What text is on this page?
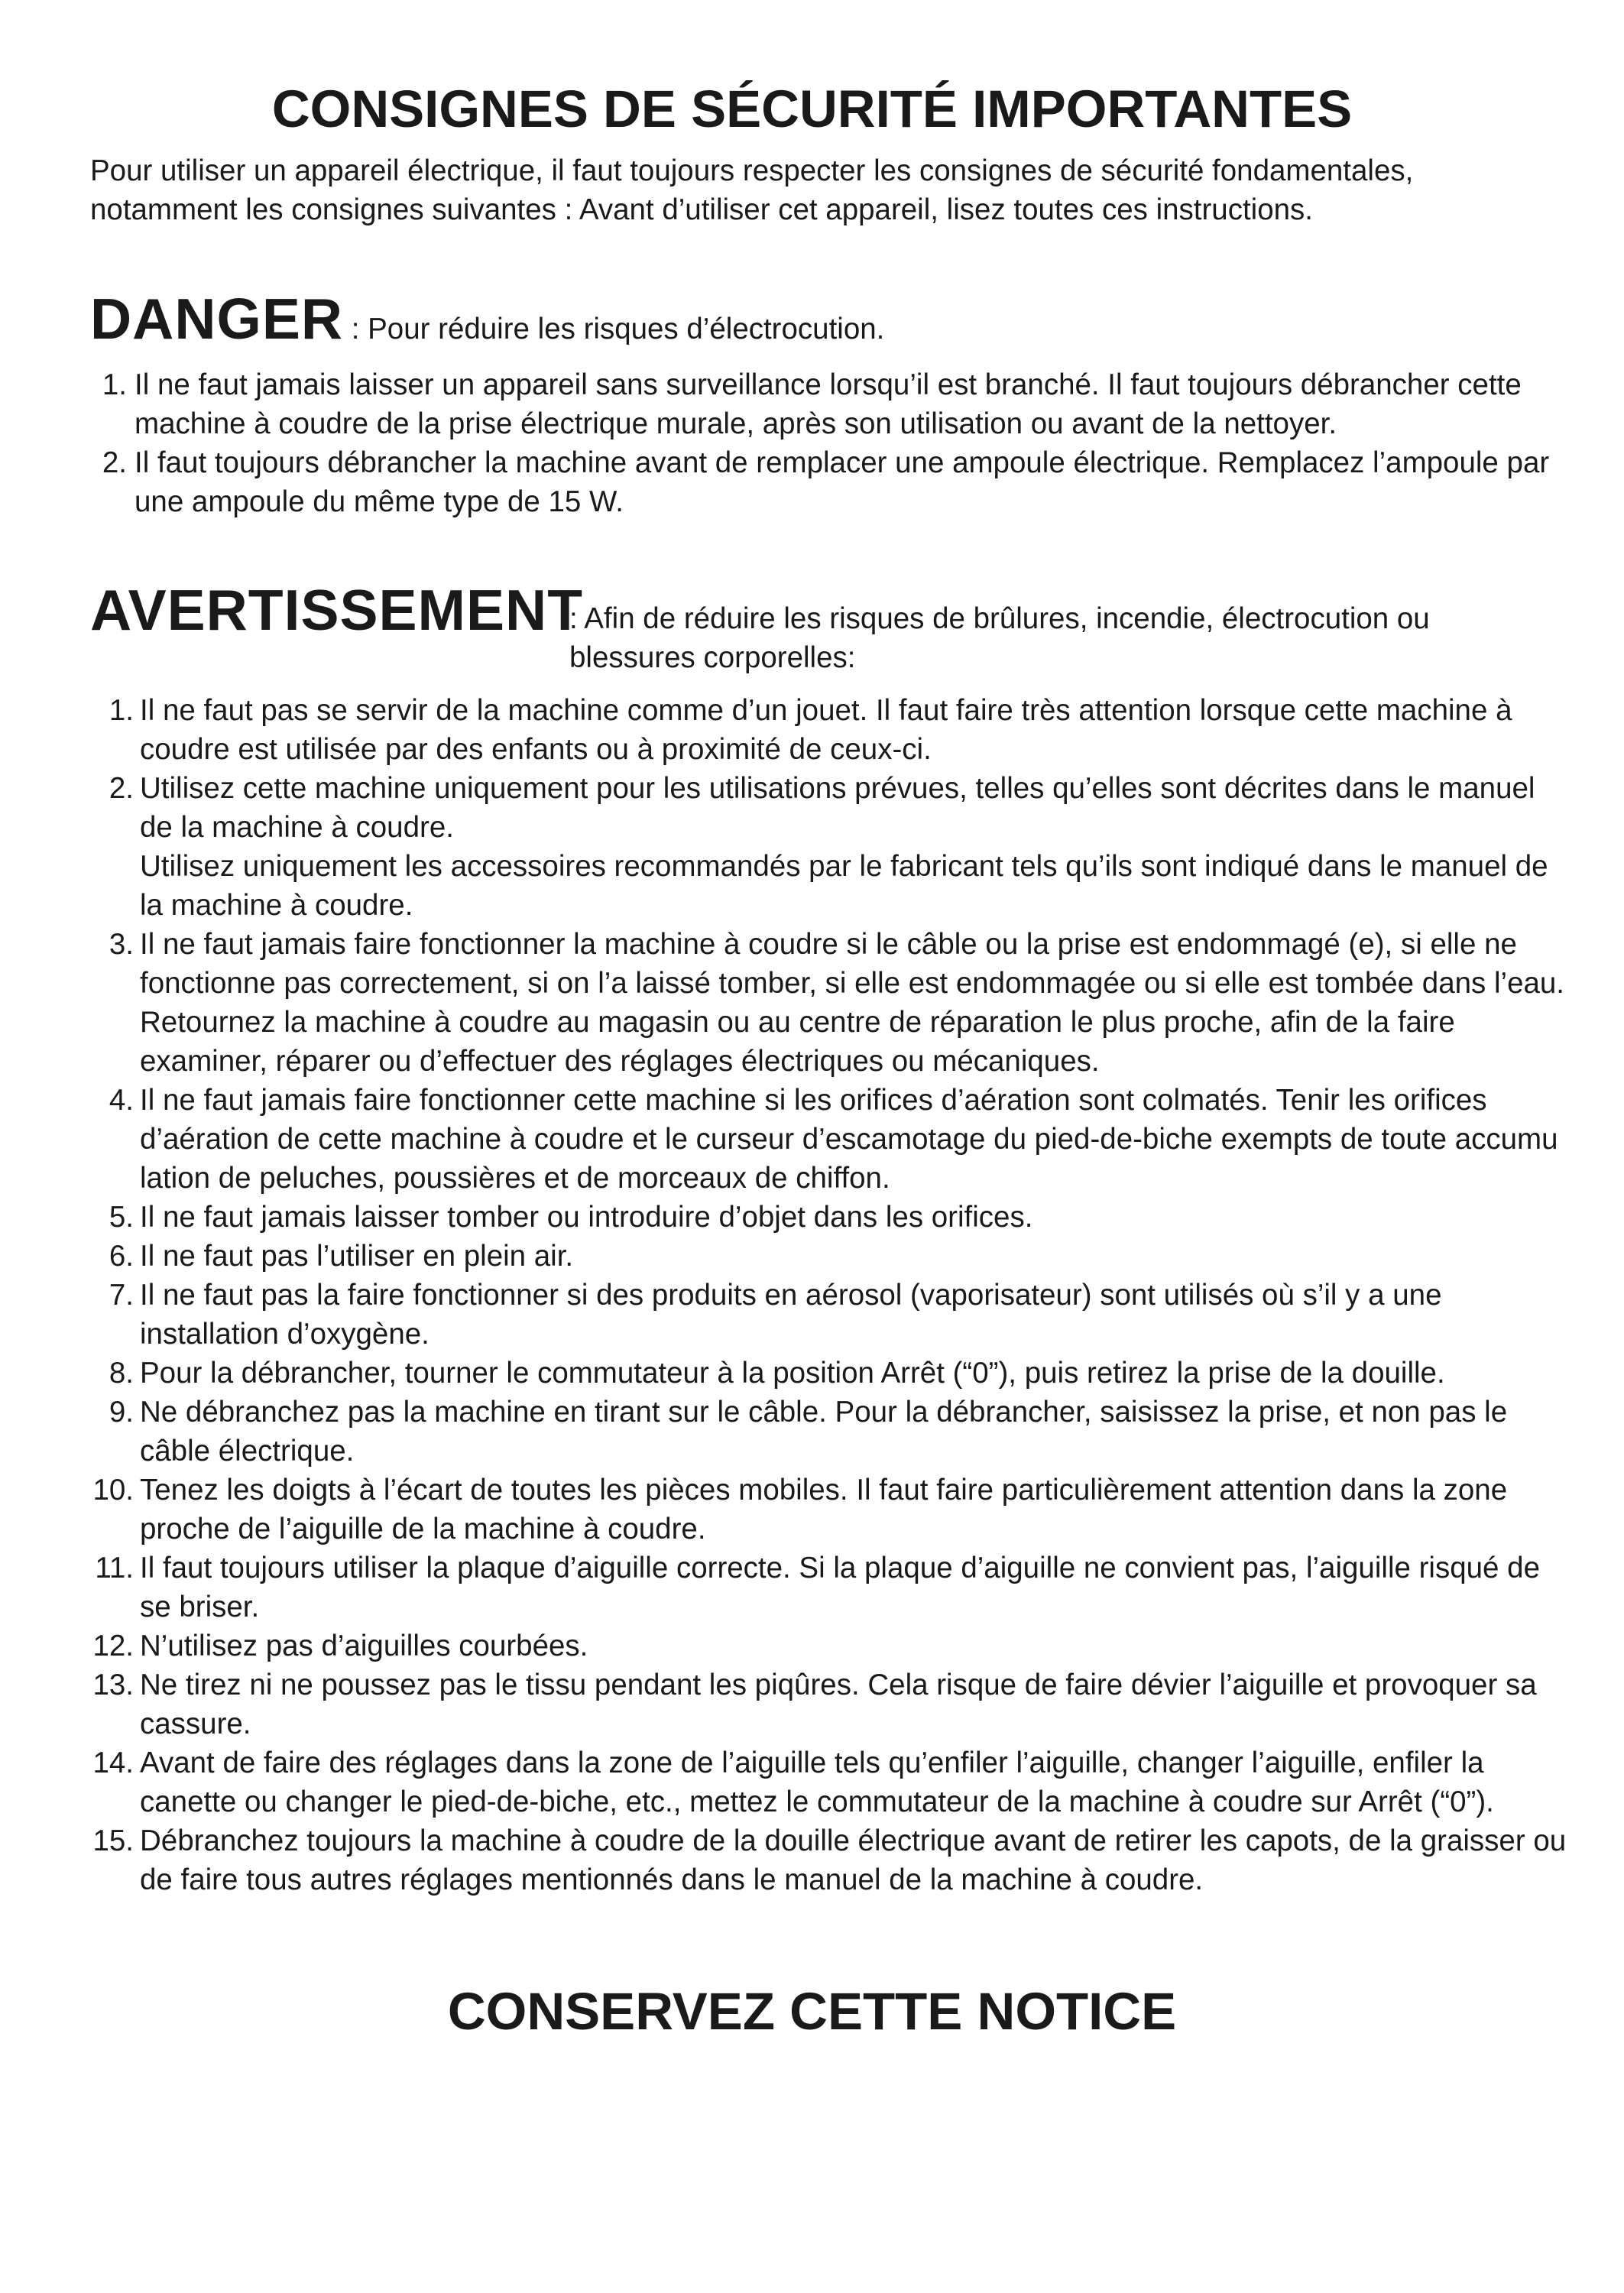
CONSIGNES DE SÉCURITÉ IMPORTANTES

Pour utiliser un appareil électrique, il faut toujours respecter les consignes de sécurité fondamentales, notamment les consignes suivantes : Avant d’utiliser cet appareil, lisez toutes ces instructions.

DANGER : Pour réduire les risques d’électrocution.
1. Il ne faut jamais laisser un appareil sans surveillance lorsqu’il est branché. Il faut toujours débrancher cette machine à coudre de la prise électrique murale, après son utilisation ou avant de la nettoyer.
2. Il faut toujours débrancher la machine avant de remplacer une ampoule électrique. Remplacez l’ampoule par une ampoule du même type de 15 W.
AVERTISSEMENT
: Afin de réduire les risques de brûlures, incendie, électrocution ou blessures corporelles:
1. Il ne faut pas se servir de la machine comme d’un jouet. Il faut faire très attention lorsque cette machine à coudre est utilisée par des enfants ou à proximité de ceux-ci.
2. Utilisez cette machine uniquement pour les utilisations prévues, telles qu’elles sont décrites dans le manuel de la machine à coudre.
Utilisez uniquement les accessoires recommandés par le fabricant tels qu’ils sont indiqué dans le manuel de la machine à coudre.
3. Il ne faut jamais faire fonctionner la machine à coudre si le câble ou la prise est endommagé (e), si elle ne fonctionne pas correctement, si on l’a laissé tomber, si elle est endommagée ou si elle est tombée dans l’eau.
Retournez la machine à coudre au magasin ou au centre de réparation le plus proche, afin de la faire examiner, réparer ou d’effectuer des réglages électriques ou mécaniques.
4. Il ne faut jamais faire fonctionner cette machine si les orifices d’aération sont colmatés. Tenir les orifices d’aération de cette machine à coudre et le curseur d’escamotage du pied-de-biche exempts de toute accumu lation de peluches, poussières et de morceaux de chiffon.
5. Il ne faut jamais laisser tomber ou introduire d’objet dans les orifices.
6. Il ne faut pas l’utiliser en plein air.
7. Il ne faut pas la faire fonctionner si des produits en aérosol (vaporisateur) sont utilisés où s’il y a une installation d’oxygène.
8. Pour la débrancher, tourner le commutateur à la position Arrêt (“0”), puis retirez la prise de la douille.
9. Ne débranchez pas la machine en tirant sur le câble. Pour la débrancher, saisissez la prise, et non pas le câble électrique.
10. Tenez les doigts à l’écart de toutes les pièces mobiles. Il faut faire particulièrement attention dans la zone proche de l’aiguille de la machine à coudre.
11. Il faut toujours utiliser la plaque d’aiguille correcte. Si la plaque d’aiguille ne convient pas, l’aiguille risqué de se briser.
12. N’utilisez pas d’aiguilles courbées.
13. Ne tirez ni ne poussez pas le tissu pendant les piqûres. Cela risque de faire dévier l’aiguille et provoquer sa cassure.
14. Avant de faire des réglages dans la zone de l’aiguille tels qu’enfiler l’aiguille, changer l’aiguille, enfiler la canette ou changer le pied-de-biche, etc., mettez le commutateur de la machine à coudre sur Arrêt (“0”).
15. Débranchez toujours la machine à coudre de la douille électrique avant de retirer les capots, de la graisser ou de faire tous autres réglages mentionnés dans le manuel de la machine à coudre.
CONSERVEZ CETTE NOTICE
